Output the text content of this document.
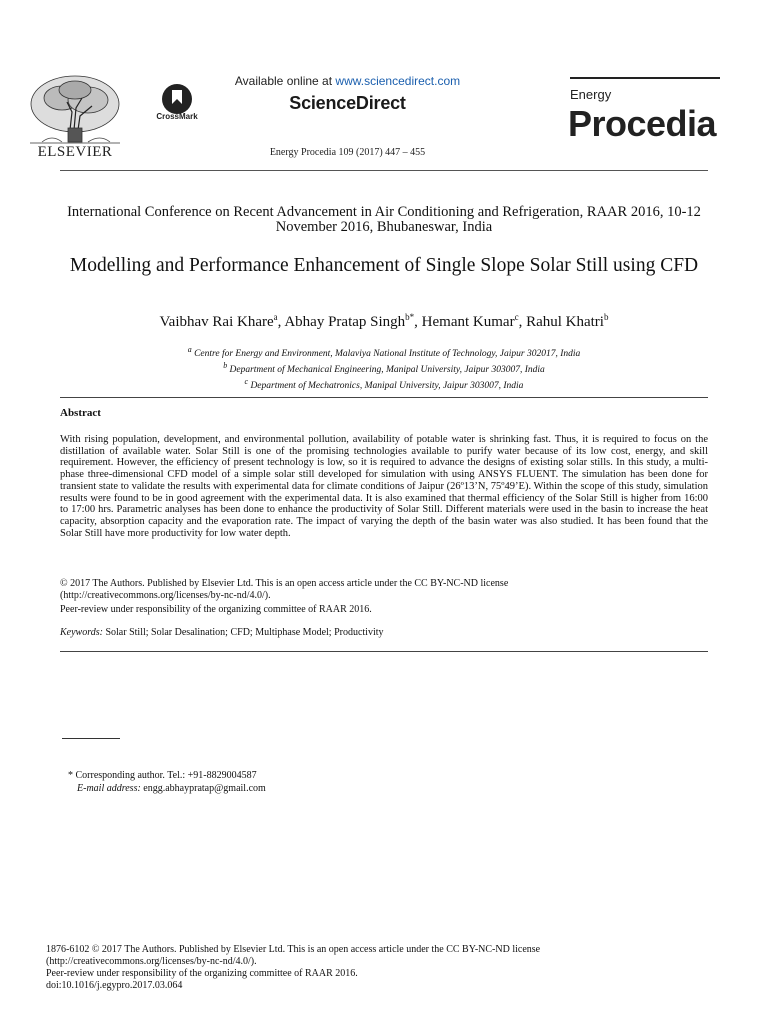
ELSEVIER
CrossMark
Available online at www.sciencedirect.com
ScienceDirect
Energy Procedia 109 (2017) 447 – 455
Energy
Procedia
International Conference on Recent Advancement in Air Conditioning and Refrigeration, RAAR 2016, 10-12 November 2016, Bhubaneswar, India
Modelling and Performance Enhancement of Single Slope Solar Still using CFD
Vaibhav Rai Khare$^a$, Abhay Pratap Singh$^{b*}$, Hemant Kumar$^c$, Rahul Khatri$^b$
$^a$ Centre for Energy and Environment, Malaviya National Institute of Technology, Jaipur 302017, India
$^b$ Department of Mechanical Engineering, Manipal University, Jaipur 303007, India
$^c$ Department of Mechatronics, Manipal University, Jaipur 303007, India
Abstract
With rising population, development, and environmental pollution, availability of potable water is shrinking fast. Thus, it is required to focus on the distillation of available water. Solar Still is one of the promising technologies available to purify water because of its low cost, energy, and skill requirement. However, the efficiency of present technology is low, so it is required to advance the designs of existing solar stills. In this study, a multi-phase three-dimensional CFD model of a simple solar still developed for simulation with using ANSYS FLUENT. The simulation has been done for transient state to validate the results with experimental data for climate conditions of Jaipur (26º13’N, 75º49’E). Within the scope of this study, simulation results were found to be in good agreement with the experimental data. It is also examined that thermal efficiency of the Solar Still is higher from 16:00 to 17:00 hrs. Parametric analyses has been done to enhance the productivity of Solar Still. Different materials were used in the basin to increase the heat capacity, absorption capacity and the evaporation rate. The impact of varying the depth of the basin water was also studied. It has been found that the Solar Still have more productivity for low water depth.
© 2017 The Authors. Published by Elsevier Ltd. This is an open access article under the CC BY-NC-ND license
(http://creativecommons.org/licenses/by-nc-nd/4.0/).
Peer-review under responsibility of the organizing committee of RAAR 2016.
Keywords: Solar Still; Solar Desalination; CFD; Multiphase Model; Productivity
* Corresponding author. Tel.: +91-8829004587
E-mail address: engg.abhaypratap@gmail.com
1876-6102 © 2017 The Authors. Published by Elsevier Ltd. This is an open access article under the CC BY-NC-ND license
(http://creativecommons.org/licenses/by-nc-nd/4.0/).
Peer-review under responsibility of the organizing committee of RAAR 2016.
doi:10.1016/j.egypro.2017.03.064
